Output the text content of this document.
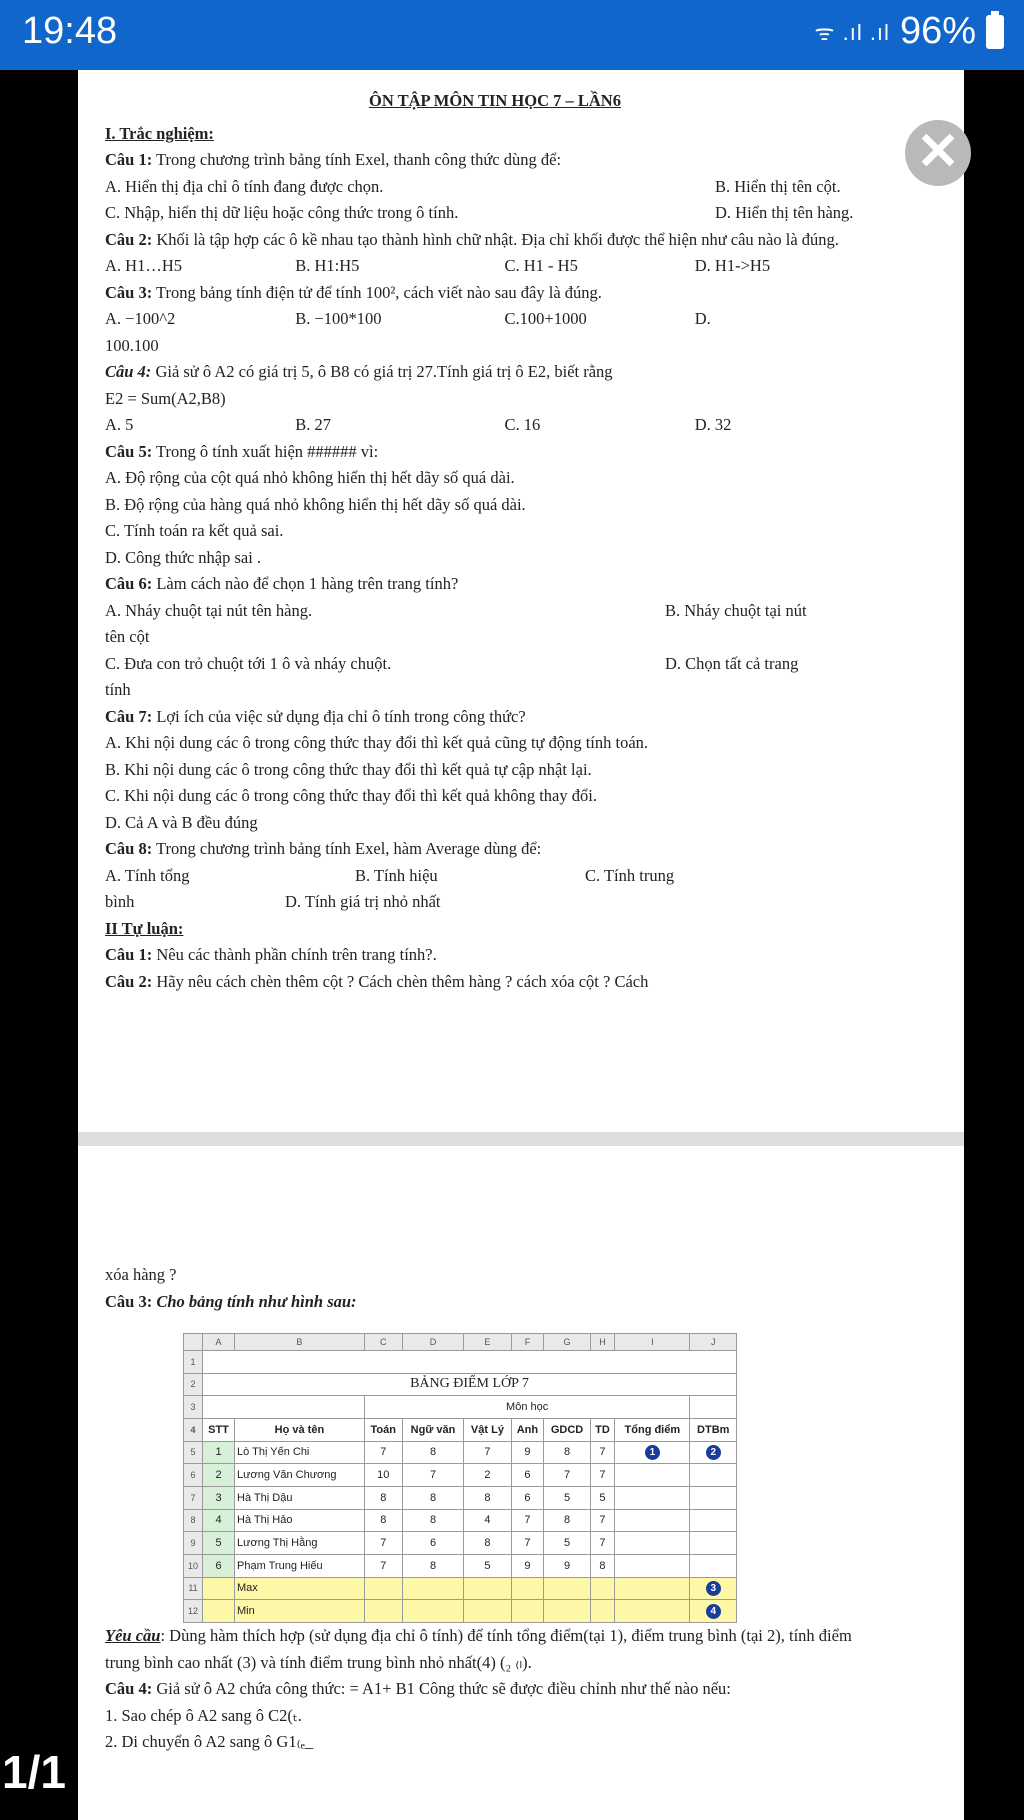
19:48	ᯤ .ıl .ıl 96%
ÔN TẬP MÔN TIN HỌC 7 – LẦN6
I. Trắc nghiệm:
Câu 1: Trong chương trình bảng tính Exel, thanh công thức dùng để:
A. Hiển thị địa chỉ ô tính đang được chọn.	B. Hiển thị tên cột.
C. Nhập, hiển thị dữ liệu hoặc công thức trong ô tính.	D. Hiển thị tên hàng.
Câu 2: Khối là tập hợp các ô kề nhau tạo thành hình chữ nhật. Địa chỉ khối được thể hiện như câu nào là đúng.
A. H1…H5	B. H1:H5	C. H1 - H5	D. H1->H5
Câu 3: Trong bảng tính điện tử để tính 100², cách viết nào sau đây là đúng.
A. −100^2	B. −100*100	C.100+1000	D.
100.100
Câu 4: Giả sử ô A2 có giá trị 5, ô B8 có giá trị 27.Tính giá trị ô E2, biết rằng
E2 = Sum(A2,B8)
A. 5	B. 27	C. 16	D. 32
Câu 5: Trong ô tính xuất hiện ###### vì:
A. Độ rộng của cột quá nhỏ không hiển thị hết dãy số quá dài.
B. Độ rộng của hàng quá nhỏ không hiển thị hết dãy số quá dài.
C. Tính toán ra kết quả sai.
D. Công thức nhập sai .
Câu 6: Làm cách nào để chọn 1 hàng trên trang tính?
A. Nháy chuột tại nút tên hàng.	B. Nháy chuột tại nút
tên cột
C. Đưa con trỏ chuột tới 1 ô và nháy chuột.	D. Chọn tất cả trang
tính
Câu 7: Lợi ích của việc sử dụng địa chỉ ô tính trong công thức?
A. Khi nội dung các ô trong công thức thay đổi thì kết quả cũng tự động tính toán.
B. Khi nội dung các ô trong công thức thay đổi thì kết quả tự cập nhật lại.
C. Khi nội dung các ô trong công thức thay đổi thì kết quả không thay đổi.
D. Cả A và B đều đúng
Câu 8: Trong chương trình bảng tính Exel, hàm Average dùng để:
A. Tính tổng	B. Tính hiệu	C. Tính trung
bình	D. Tính giá trị nhỏ nhất
II Tự luận:
Câu 1: Nêu các thành phần chính trên trang tính?.
Câu 2: Hãy nêu cách chèn thêm cột ? Cách chèn thêm hàng ? cách xóa cột ? Cách
xóa hàng ?
Câu 3: Cho bảng tính như hình sau:
	A	B	C	D	E	F	G	H	I	J
1										
2	BẢNG ĐIỂM LỚP 7									
3			Môn học							
4	STT	Họ và tên	Toán	Ngữ văn	Vật Lý	Anh	GDCD	TD	Tổng điểm	DTBm
5	1	Lò Thị Yến Chi	7	8	7	9	8	7	1	2
6	2	Lương Văn Chương	10	7	2	6	7	7		
7	3	Hà Thị Dậu	8	8	8	6	5	5		
8	4	Hà Thị Hảo	8	8	4	7	8	7		
9	5	Lương Thị Hằng	7	6	8	7	5	7		
10	6	Phạm Trung Hiếu	7	8	5	9	9	8		
11		Max								3
12		Min								4
Yêu cầu: Dùng hàm thích hợp (sử dụng địa chỉ ô tính) để tính tổng điểm(tại 1), điểm trung bình (tại 2), tính điểm trung bình cao nhất (3) và tính điểm trung bình nhỏ nhất(4) (₂ ₍ₗ).
Câu 4: Giả sử ô A2 chứa công thức: = A1+ B1 Công thức sẽ được điều chỉnh như thế nào nếu:
1. Sao chép ô A2 sang ô C2(ₜ.
2. Di chuyển ô A2 sang ô G1₍ₑ_
✕
1/1
